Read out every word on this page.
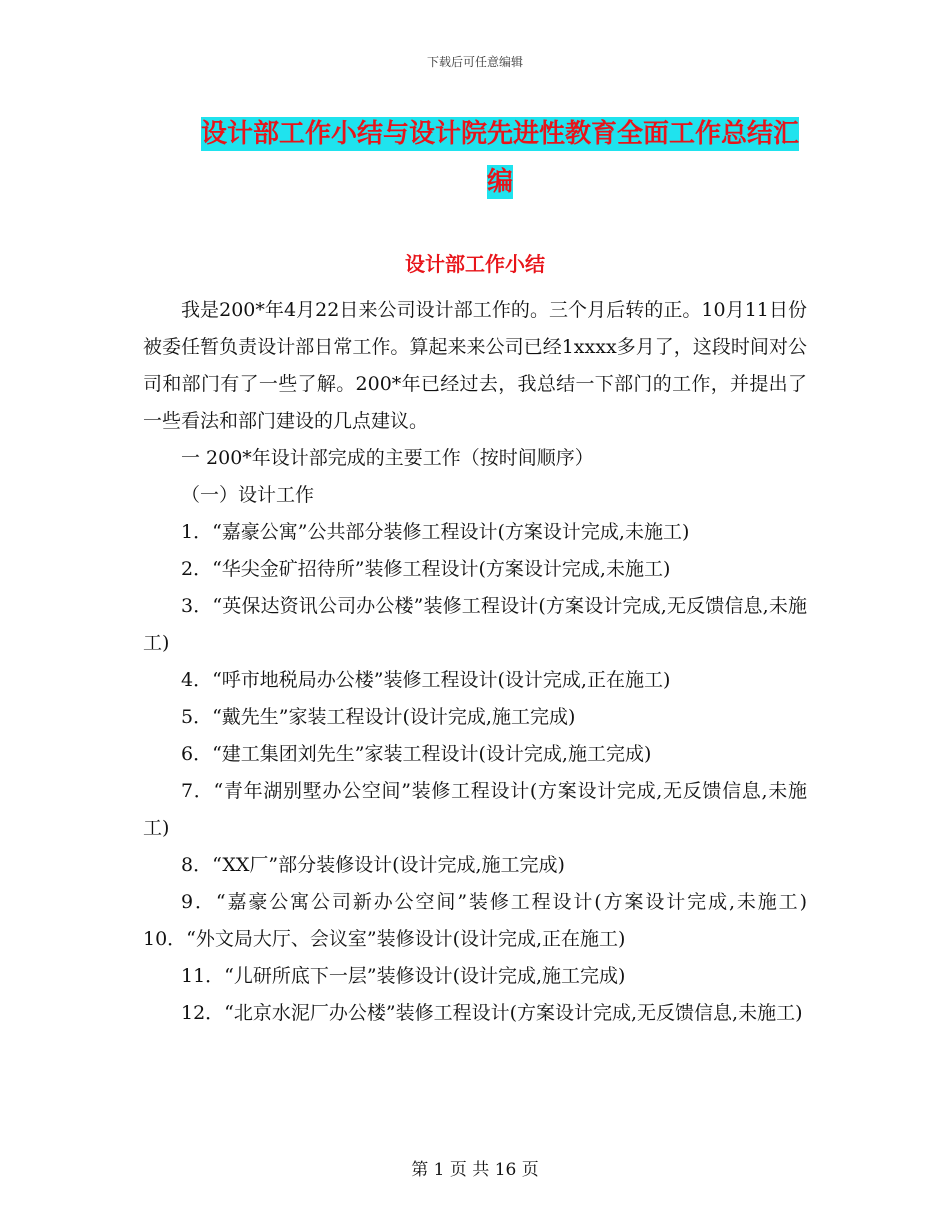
下载后可任意编辑
设计部工作小结与设计院先进性教育全面工作总结汇
编
设计部工作小结

我是200*年4月22日来公司设计部工作的。三个月后转的正。10月11日份被委任暂负责设计部日常工作。算起来来公司已经1xxxx多月了，这段时间对公司和部门有了一些了解。200*年已经过去，我总结一下部门的工作，并提出了一些看法和部门建设的几点建议。

一 200*年设计部完成的主要工作（按时间顺序）

（一）设计工作

1．“嘉豪公寓”公共部分装修工程设计(方案设计完成,未施工)

2．“华尖金矿招待所”装修工程设计(方案设计完成,未施工)

3．“英保达资讯公司办公楼”装修工程设计(方案设计完成,无反馈信息,未施工)

4．“呼市地税局办公楼”装修工程设计(设计完成,正在施工)

5．“戴先生”家装工程设计(设计完成,施工完成)

6．“建工集团刘先生”家装工程设计(设计完成,施工完成)

7．“青年湖别墅办公空间”装修工程设计(方案设计完成,无反馈信息,未施工)

8．“XX厂”部分装修设计(设计完成,施工完成)

9．“嘉豪公寓公司新办公空间”装修工程设计(方案设计完成,未施工)　　10．“外文局大厅、会议室”装修设计(设计完成,正在施工)

11．“儿研所底下一层”装修设计(设计完成,施工完成)

12．“北京水泥厂办公楼”装修工程设计(方案设计完成,无反馈信息,未施工)

第 1 页 共 16 页
